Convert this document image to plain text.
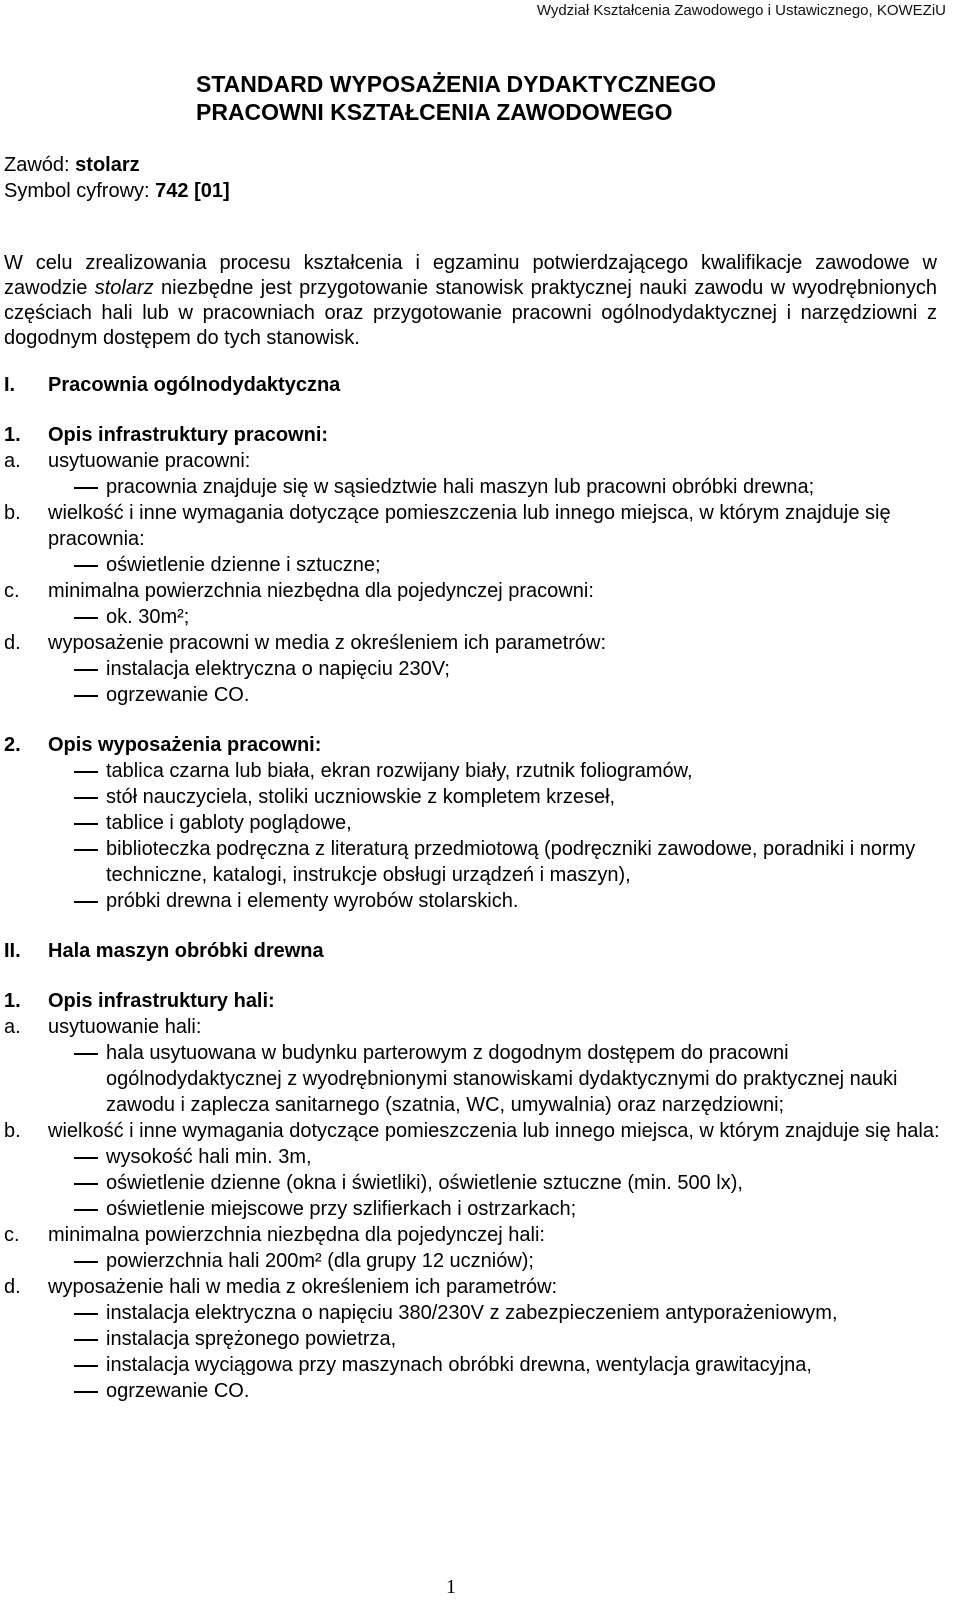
Wydział Kształcenia Zawodowego i Ustawicznego, KOWEZiU
STANDARD WYPOSAŻENIA DYDAKTYCZNEGO
PRACOWNI KSZTAŁCENIA ZAWODOWEGO
Zawód: stolarz
Symbol cyfrowy: 742 [01]
W celu zrealizowania procesu kształcenia i egzaminu potwierdzającego kwalifikacje zawodowe w zawodzie stolarz niezbędne jest przygotowanie stanowisk praktycznej nauki zawodu w wyodrębnionych częściach hali lub w pracowniach oraz przygotowanie pracowni ogólnodydaktycznej i narzędziowni z dogodnym dostępem do tych stanowisk.
I.	Pracownia ogólnodydaktyczna
1.	Opis infrastruktury pracowni:
a.	usytuowanie pracowni:
pracownia znajduje się w sąsiedztwie hali maszyn lub pracowni obróbki drewna;
b.	wielkość i inne wymagania dotyczące pomieszczenia lub innego miejsca, w którym znajduje się pracownia:
oświetlenie dzienne i sztuczne;
c.	minimalna powierzchnia niezbędna dla pojedynczej pracowni:
ok. 30m²;
d.	wyposażenie pracowni w media z określeniem ich parametrów:
instalacja elektryczna o napięciu 230V;
ogrzewanie CO.
2.	Opis wyposażenia pracowni:
tablica czarna lub biała, ekran rozwijany biały, rzutnik foliogramów,
stół nauczyciela, stoliki uczniowskie z kompletem krzeseł,
tablice i gabloty poglądowe,
biblioteczka podręczna z literaturą przedmiotową (podręczniki zawodowe, poradniki i normy techniczne, katalogi, instrukcje obsługi urządzeń i maszyn),
próbki drewna i elementy wyrobów stolarskich.
II.	Hala maszyn obróbki drewna
1.	Opis infrastruktury hali:
a.	usytuowanie hali:
hala usytuowana w budynku parterowym z dogodnym dostępem do pracowni ogólnodydaktycznej z wyodrębnionymi stanowiskami dydaktycznymi do praktycznej nauki zawodu i zaplecza sanitarnego (szatnia, WC, umywalnia) oraz narzędziowni;
b.	wielkość i inne wymagania dotyczące pomieszczenia lub innego miejsca, w którym znajduje się hala:
wysokość hali min. 3m,
oświetlenie dzienne (okna i świetliki), oświetlenie sztuczne (min. 500 lx),
oświetlenie miejscowe przy szlifierkach i ostrzarkach;
c.	minimalna powierzchnia niezbędna dla pojedynczej hali:
powierzchnia hali 200m² (dla grupy 12 uczniów);
d.	wyposażenie hali w media z określeniem ich parametrów:
instalacja elektryczna o napięciu 380/230V z zabezpieczeniem antyporażeniowym,
instalacja sprężonego powietrza,
instalacja wyciągowa przy maszynach obróbki drewna, wentylacja grawitacyjna,
ogrzewanie CO.
1
